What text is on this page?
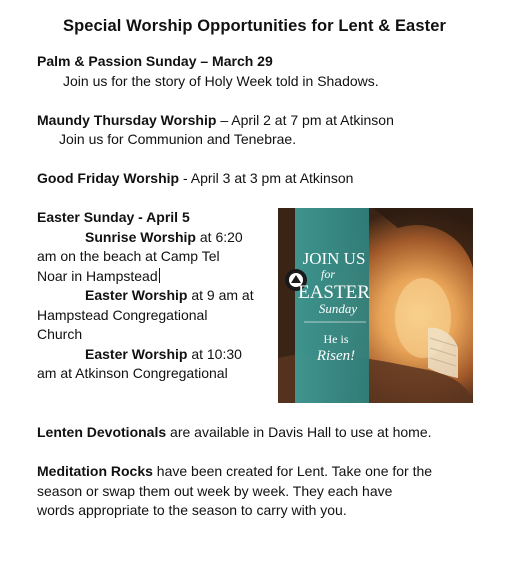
Special Worship Opportunities for Lent & Easter
Palm & Passion Sunday – March 29
Join us for the story of Holy Week told in Shadows.
Maundy Thursday Worship – April 2 at 7 pm at Atkinson
Join us for Communion and Tenebrae.
Good Friday Worship - April 3 at 3 pm at Atkinson
Easter Sunday - April 5
Sunrise Worship at 6:20
am on the beach at Camp Tel
Noar in Hampstead
Easter Worship at 9 am at
Hampstead Congregational
Church
Easter Worship at 10:30
am at Atkinson Congregational
JOIN US
for
EASTER
Sunday
He is
Risen!
Lenten Devotionals are available in Davis Hall to use at home.
Meditation Rocks have been created for Lent. Take one for the
season or swap them out week by week. They each have
words appropriate to the season to carry with you.
